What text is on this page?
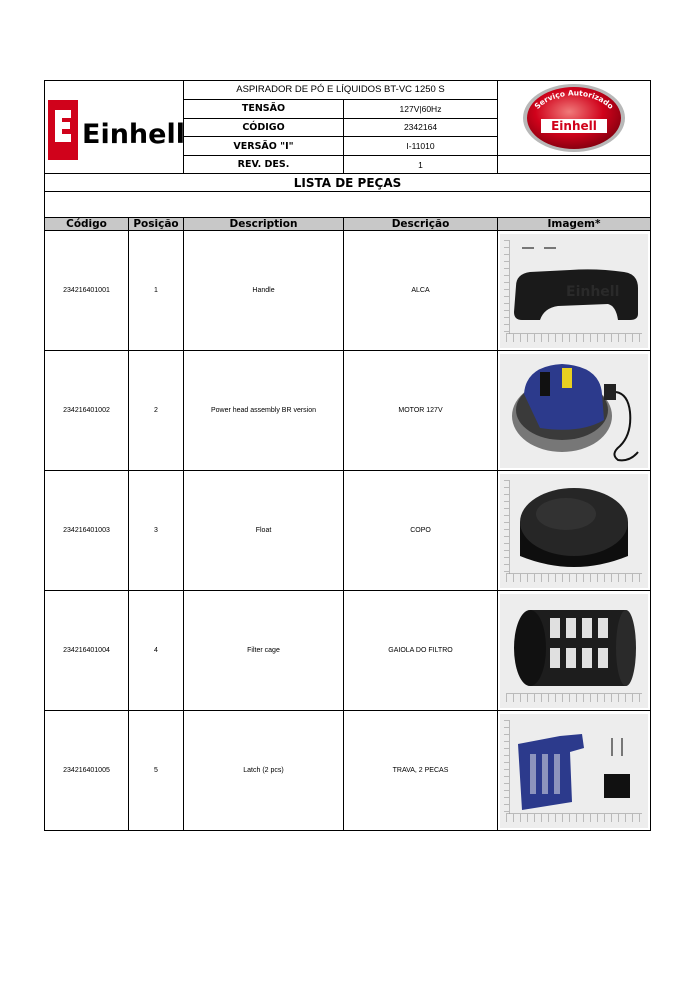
Einhell	ASPIRADOR DE PÓ E LÍQUIDOS BT-VC 1250 S		Serviço Autorizado
Einhell

	TENSÃO	127V|60Hz	
	CÓDIGO	2342164	
	VERSÃO "I"	I-11010	
	REV. DES.	1	
LISTA DE PEÇAS			

Código	Posição	Description	Descrição	Imagem*
234216401001	1	Handle	ALCA	Einhell

234216401002	2	Power head assembly BR version	MOTOR 127V	

234216401003	3	Float	COPO	

234216401004	4	Filter cage	GAIOLA DO FILTRO	

234216401005	5	Latch (2 pcs)	TRAVA, 2 PECAS	
